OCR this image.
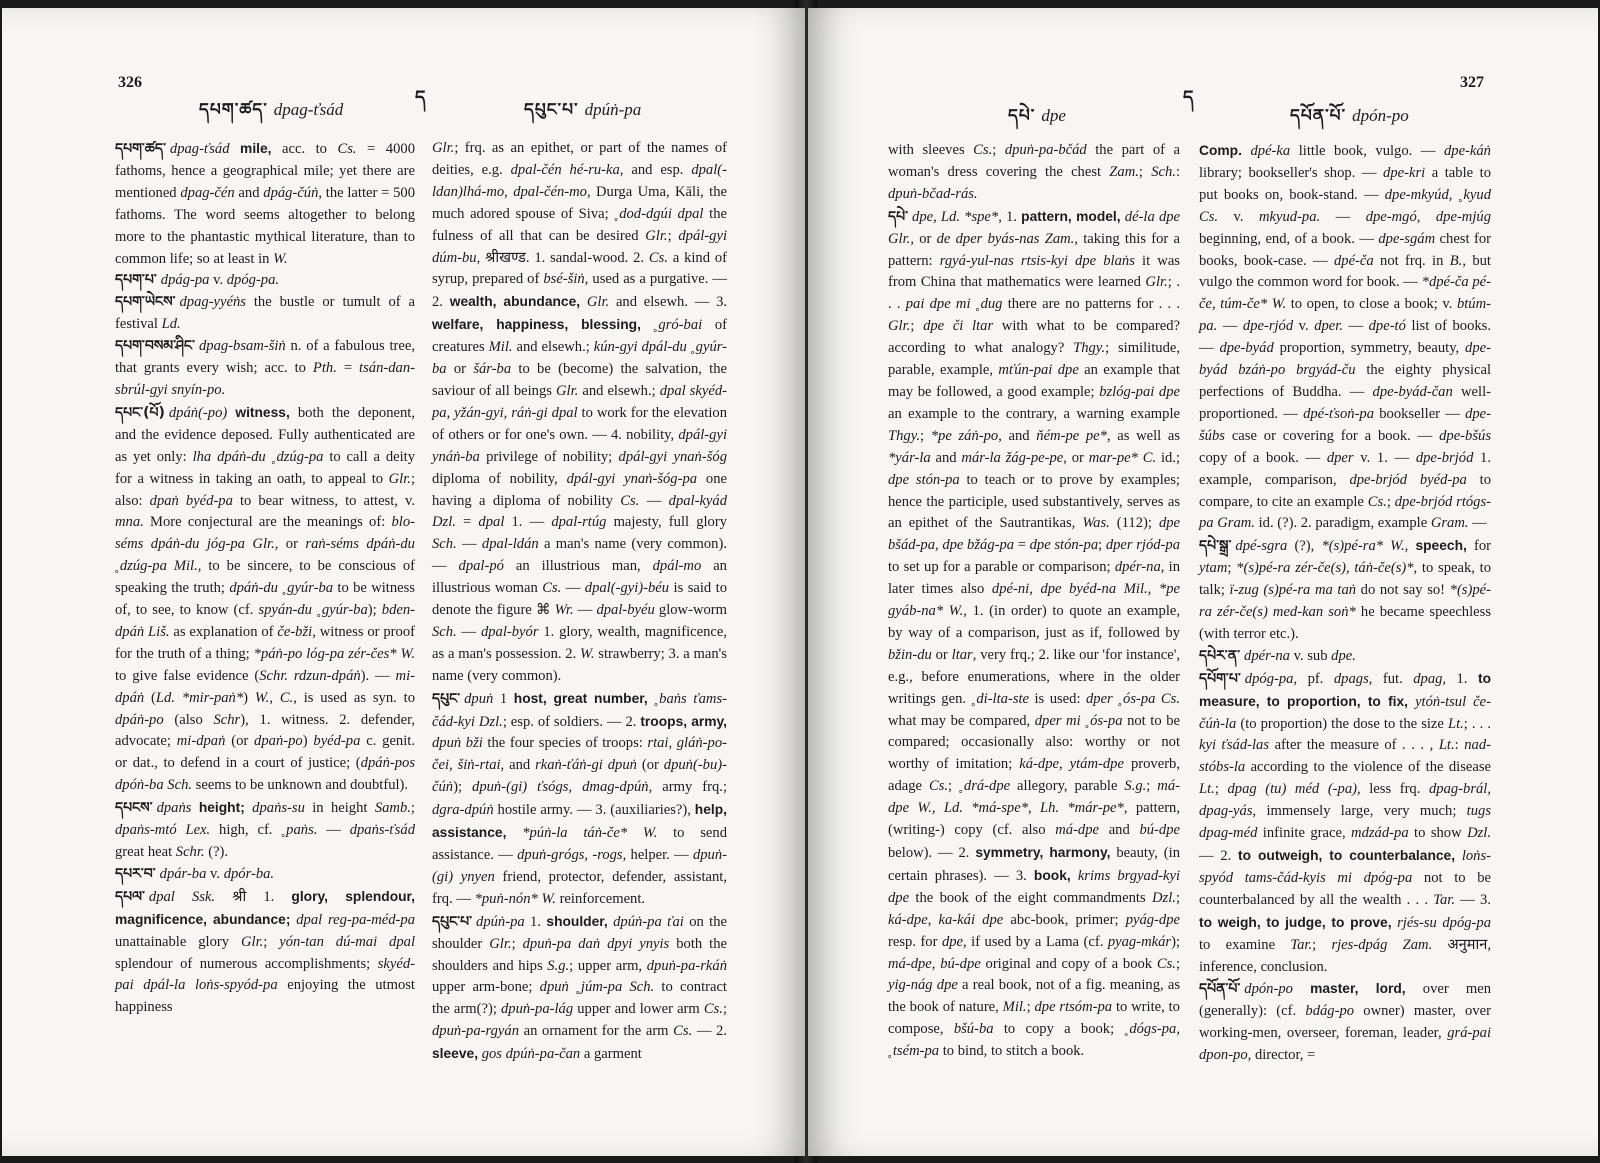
326
ད
དཔག་ཚད་ dpag-ťsád	དཔུང་པ་ dpúṅ-pa

དཔག་ཚད་ dpag-ťsád mile, acc. to Cs. = 4000 fathoms, hence a geographical mile; yet there are mentioned dpag-čén and dpág-čúṅ, the latter = 500 fathoms. The word seems altogether to belong more to the phantastic mythical literature, than to common life; so at least in W.

དཔག་པ་ dpág-pa v. dpóg-pa.

དཔག་ཡེངས་ dpag-yyéṅs the bustle or tumult of a festival Ld.

དཔག་བསམ་ཤིང་ dpag-bsam-šiṅ n. of a fabulous tree, that grants every wish; acc. to Pth. = tsán-dan-sbrúl-gyi snyín-po.

དཔང་(པོ) dpáṅ(-po) witness, both the deponent, and the evidence deposed. Fully authenticated are as yet only: lha dpáṅ-du ˳dzúg-pa to call a deity for a witness in taking an oath, to appeal to Glr.; also: dpaṅ byéd-pa to bear witness, to attest, v. mna. More conjectural are the meanings of: blo-séms dpáṅ-du jóg-pa Glr., or raṅ-séms dpáṅ-du ˳dzúg-pa Mil., to be sincere, to be conscious of speaking the truth; dpáṅ-du ˳gyúr-ba to be witness of, to see, to know (cf. spyán-du ˳gyúr-ba); bden-dpáṅ Liš. as explanation of če-bži, witness or proof for the truth of a thing; *páṅ-po lóg-pa zér-čes* W. to give false evidence (Schr. rdzun-dpáṅ). — mi-dpáṅ (Ld. *mir-paṅ*) W., C., is used as syn. to dpáṅ-po (also Schr), 1. witness. 2. defender, advocate; mi-dpaṅ (or dpaṅ-po) byéd-pa c. genit. or dat., to defend in a court of justice; (dpáṅ-pos dpóṅ-ba Sch. seems to be unknown and doubtful).

དཔངས་ dpaṅs height; dpaṅs-su in height Samb.; dpaṅs-mtó Lex. high, cf. ˳paṅs. — dpaṅs-ťsád great heat Schr. (?).

དཔར་བ་ dpár-ba v. dpór-ba.

དཔལ་ dpal Ssk. श्री 1. glory, splendour, magnificence, abundance; dpal reg-pa-méd-pa unattainable glory Glr.; yón-tan dú-mai dpal splendour of numerous accomplishments; skyéd-pai dpál-la loṅs-spyód-pa enjoying the utmost happiness

Glr.; frq. as an epithet, or part of the names of deities, e.g. dpal-čén hé-ru-ka, and esp. dpal(-ldan)lhá-mo, dpal-čén-mo, Durga Uma, Kāli, the much adored spouse of Siva; ˳dod-dgúi dpal the fulness of all that can be desired Glr.; dpál-gyi dúm-bu, श्रीखण्ड. 1. sandal-wood. 2. Cs. a kind of syrup, prepared of bsé-šiṅ, used as a purgative. — 2. wealth, abundance, Glr. and elsewh. — 3. welfare, happiness, blessing, ˳gró-bai of creatures Mil. and elsewh.; kún-gyi dpál-du ˳gyúr-ba or šár-ba to be (become) the salvation, the saviour of all beings Glr. and elsewh.; dpal skyéd-pa, yžán-gyi, ráṅ-gi dpal to work for the elevation of others or for one's own. — 4. nobility, dpál-gyi ynáṅ-ba privilege of nobility; dpál-gyi ynaṅ-šóg diploma of nobility, dpál-gyi ynaṅ-šóg-pa one having a diploma of nobility Cs. — dpal-kyád Dzl. = dpal 1. — dpal-rtúg majesty, full glory Sch. — dpal-ldán a man's name (very common). — dpal-pó an illustrious man, dpál-mo an illustrious woman Cs. — dpal(-gyi)-béu is said to denote the figure ⌘ Wr. — dpal-byéu glow-worm Sch. — dpal-byór 1. glory, wealth, magnificence, as a man's possession. 2. W. strawberry; 3. a man's name (very common).

དཔུང་ dpuṅ 1 host, great number, ˳baṅs ťams-čád-kyi Dzl.; esp. of soldiers. — 2. troops, army, dpuṅ bži the four species of troops: rtai, gláṅ-po-čei, šiṅ-rtai, and rkaṅ-ťáṅ-gi dpuṅ (or dpuṅ(-bu)-čúṅ); dpuṅ-(gi) ťsógs, dmag-dpúṅ, army frq.; dgra-dpúṅ hostile army. — 3. (auxiliaries?), help, assistance, *púṅ-la táṅ-če* W. to send assistance. — dpuṅ-grógs, -rogs, helper. — dpuṅ-(gi) ynyen friend, protector, defender, assistant, frq. — *puṅ-nón* W. reinforcement.

དཔུང་པ་ dpúṅ-pa 1. shoulder, dpúṅ-pa ťai on the shoulder Glr.; dpuṅ-pa daṅ dpyi ynyis both the shoulders and hips S.g.; upper arm, dpuṅ-pa-rkáṅ upper arm-bone; dpuṅ ˳júm-pa Sch. to contract the arm(?); dpuṅ-pa-lág upper and lower arm Cs.; dpuṅ-pa-rgyán an ornament for the arm Cs. — 2. sleeve, gos dpúṅ-pa-čan a garment

327
ད
དཔེ་ dpe	དཔོན་པོ་ dpón-po

with sleeves Cs.; dpuṅ-pa-bčád the part of a woman's dress covering the chest Zam.; Sch.: dpuṅ-bčad-rás.

དཔེ་ dpe, Ld. *spe*, 1. pattern, model, dé-la dpe Glr., or de dper byás-nas Zam., taking this for a pattern: rgyá-yul-nas rtsis-kyi dpe blaṅs it was from China that mathematics were learned Glr.; . . . pai dpe mi ˳dug there are no patterns for . . . Glr.; dpe či ltar with what to be compared? according to what analogy? Thgy.; similitude, parable, example, mťún-pai dpe an example that may be followed, a good example; bzlóg-pai dpe an example to the contrary, a warning example Thgy.; *pe záṅ-po, and ňém-pe pe*, as well as *yár-la and már-la žág-pe-pe, or mar-pe* C. id.; dpe stón-pa to teach or to prove by examples; hence the participle, used substantively, serves as an epithet of the Sautrantikas, Was. (112); dpe bšád-pa, dpe bžág-pa = dpe stón-pa; dper rjód-pa to set up for a parable or comparison; dpér-na, in later times also dpé-ni, dpe byéd-na Mil., *pe gyáb-na* W., 1. (in order) to quote an example, by way of a comparison, just as if, followed by bžin-du or ltar, very frq.; 2. like our 'for instance', e.g., before enumerations, where in the older writings gen. ˳di-lta-ste is used: dper ˳ós-pa Cs. what may be compared, dper mi ˳ós-pa not to be compared; occasionally also: worthy or not worthy of imitation; ká-dpe, ytám-dpe proverb, adage Cs.; ˳drá-dpe allegory, parable S.g.; má-dpe W., Ld. *má-spe*, Lh. *már-pe*, pattern, (writing-) copy (cf. also má-dpe and bú-dpe below). — 2. symmetry, harmony, beauty, (in certain phrases). — 3. book, krims brgyad-kyi dpe the book of the eight commandments Dzl.; ká-dpe, ka-kái dpe abc-book, primer; pyág-dpe resp. for dpe, if used by a Lama (cf. pyag-mkár); má-dpe, bú-dpe original and copy of a book Cs.; yig-nág dpe a real book, not of a fig. meaning, as the book of nature, Mil.; dpe rtsóm-pa to write, to compose, bšú-ba to copy a book; ˳dógs-pa, ˳tsém-pa to bind, to stitch a book.

Comp. dpé-ka little book, vulgo. — dpe-káṅ library; bookseller's shop. — dpe-kri a table to put books on, book-stand. — dpe-mkyúd, ˳kyud Cs. v. mkyud-pa. — dpe-mgó, dpe-mjúg beginning, end, of a book. — dpe-sgám chest for books, book-case. — dpé-ča not frq. in B., but vulgo the common word for book. — *dpé-ča pé-če, túm-če* W. to open, to close a book; v. btúm-pa. — dpe-rjód v. dper. — dpe-tó list of books. — dpe-byád proportion, symmetry, beauty, dpe-byád bzáṅ-po brgyád-ču the eighty physical perfections of Buddha. — dpe-byád-čan well-proportioned. — dpé-ťsoṅ-pa bookseller — dpe-šúbs case or covering for a book. — dpe-bšús copy of a book. — dper v. 1. — dpe-brjód 1. example, comparison, dpe-brjód byéd-pa to compare, to cite an example Cs.; dpe-brjód rtógs-pa Gram. id. (?). 2. paradigm, example Gram. —

དཔེ་སྒྲ་ dpé-sgra (?), *(s)pé-ra* W., speech, for ytam; *(s)pé-ra zér-če(s), táṅ-če(s)*, to speak, to talk; ï-zug (s)pé-ra ma taṅ do not say so! *(s)pé-ra zér-če(s) med-kan soṅ* he became speechless (with terror etc.).

དཔེར་ན་ dpér-na v. sub dpe.

དཔོག་པ་ dpóg-pa, pf. dpags, fut. dpag, 1. to measure, to proportion, to fix, ytóṅ-tsul če-čúṅ-la (to proportion) the dose to the size Lt.; . . . kyi ťsád-las after the measure of . . . , Lt.: nad-stóbs-la according to the violence of the disease Lt.; dpag (tu) méd (-pa), less frq. dpag-brál, dpag-yás, immensely large, very much; tugs dpag-méd infinite grace, mdzád-pa to show Dzl. — 2. to outweigh, to counterbalance, loṅs-spyód tams-čád-kyis mi dpóg-pa not to be counterbalanced by all the wealth . . . Tar. — 3. to weigh, to judge, to prove, rjés-su dpóg-pa to examine Tar.; rjes-dpág Zam. अनुमान, inference, conclusion.

དཔོན་པོ་ dpón-po master, lord, over men (generally): (cf. bdág-po owner) master, over working-men, overseer, foreman, leader, grá-pai dpon-po, director, =
